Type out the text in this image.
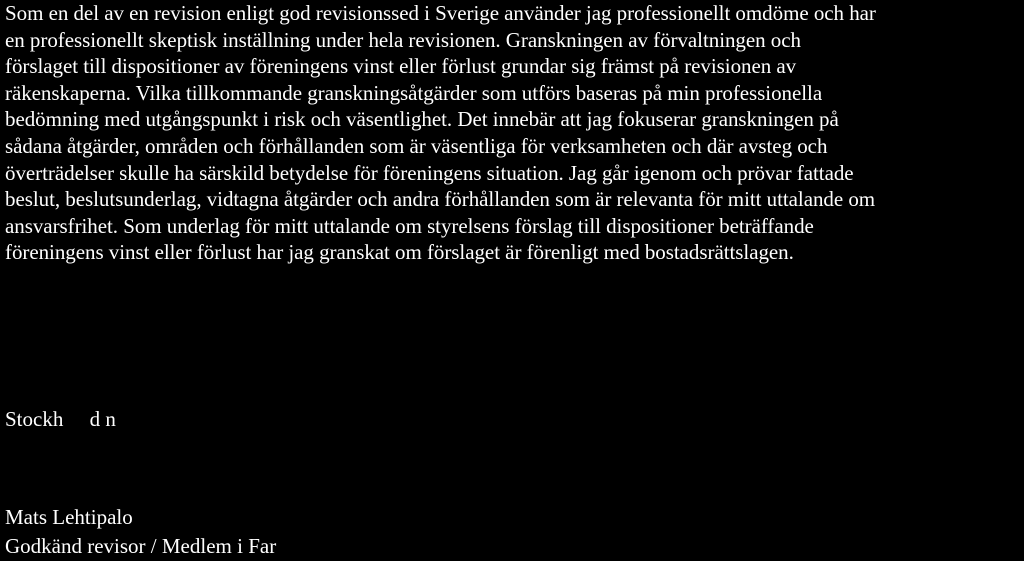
Som en del av en revision enligt god revisionssed i Sverige använder jag professionellt omdöme och har
en professionellt skeptisk inställning under hela revisionen. Granskningen av förvaltningen och
förslaget till dispositioner av föreningens vinst eller förlust grundar sig främst på revisionen av
räkenskaperna. Vilka tillkommande granskningsåtgärder som utförs baseras på min professionella
bedömning med utgångspunkt i risk och väsentlighet. Det innebär att jag fokuserar granskningen på
sådana åtgärder, områden och förhållanden som är väsentliga för verksamheten och där avsteg och
överträdelser skulle ha särskild betydelse för föreningens situation. Jag går igenom och prövar fattade
beslut, beslutsunderlag, vidtagna åtgärder och andra förhållanden som är relevanta för mitt uttalande om
ansvarsfrihet. Som underlag för mitt uttalande om styrelsens förslag till dispositioner beträffande
föreningens vinst eller förlust har jag granskat om förslaget är förenligt med bostadsrättslagen.
Stockh     d n
Mats Lehtipalo
Godkänd revisor / Medlem i Far
